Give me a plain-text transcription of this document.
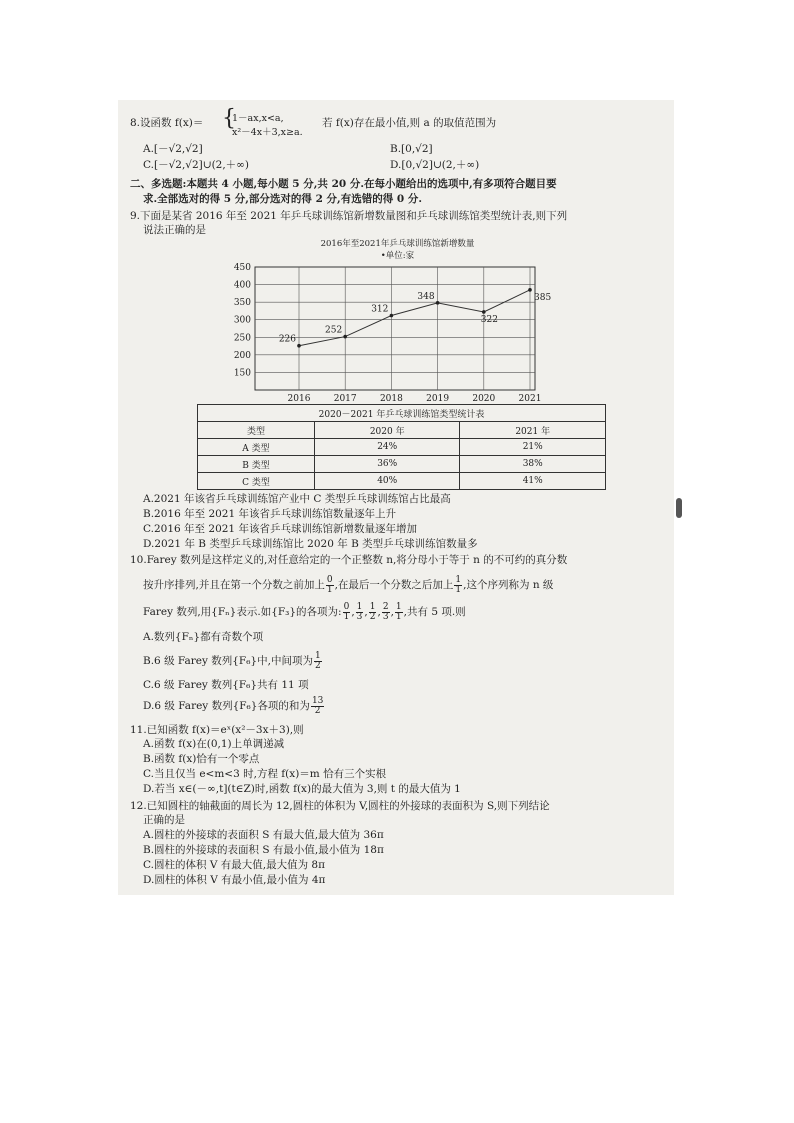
8.设函数 f(x)＝ {
1－ax,x<a,
x²－4x＋3,x≥a.
若 f(x)存在最小值,则 a 的取值范围为
A.[－√2,√2]	B.[0,√2]
C.[－√2,√2]∪(2,＋∞)	D.[0,√2]∪(2,＋∞)
二、多选题:本题共 4 小题,每小题 5 分,共 20 分.在每小题给出的选项中,有多项符合题目要
求.全部选对的得 5 分,部分选对的得 2 分,有选错的得 0 分.
9.下面是某省 2016 年至 2021 年乒乓球训练馆新增数量图和乒乓球训练馆类型统计表,则下列
说法正确的是
2016年至2021年乒乓球训练馆新增数量
•单位:家
150
200
250
300
350
400
450
2016	2017	2018	2019	2020	2021
226
252
312
348
322
385
2020－2021 年乒乓球训练馆类型统计表		
类型	2020 年	2021 年
A 类型	24%	21%
B 类型	36%	38%
C 类型	40%	41%
A.2021 年该省乒乓球训练馆产业中 C 类型乒乓球训练馆占比最高
B.2016 年至 2021 年该省乒乓球训练馆数量逐年上升
C.2016 年至 2021 年该省乒乓球训练馆新增数量逐年增加
D.2021 年 B 类型乒乓球训练馆比 2020 年 B 类型乒乓球训练馆数量多
10.Farey 数列是这样定义的,对任意给定的一个正整数 n,将分母小于等于 n 的不可约的真分数
按升序排列,并且在第一个分数之前加上 $\frac{0}{1}$ ,在最后一个分数之后加上 $\frac{1}{1}$ ,这个序列称为 n 级
Farey 数列,用{Fₙ}表示.如{F₃}的各项为: $\frac{0}{1}$ , $\frac{1}{3}$ , $\frac{1}{2}$ , $\frac{2}{3}$ , $\frac{1}{1}$ ,共有 5 项.则
A.数列{Fₙ}都有奇数个项
B.6 级 Farey 数列{F₆}中,中间项为 $\frac{1}{2}$
C.6 级 Farey 数列{F₆}共有 11 项
D.6 级 Farey 数列{F₆}各项的和为 $\frac{13}{2}$
11.已知函数 f(x)＝eˣ(x²－3x＋3),则
A.函数 f(x)在(0,1)上单调递减
B.函数 f(x)恰有一个零点
C.当且仅当 e<m<3 时,方程 f(x)＝m 恰有三个实根
D.若当 x∈(－∞,t](t∈Z)时,函数 f(x)的最大值为 3,则 t 的最大值为 1
12.已知圆柱的轴截面的周长为 12,圆柱的体积为 V,圆柱的外接球的表面积为 S,则下列结论
正确的是
A.圆柱的外接球的表面积 S 有最大值,最大值为 36π
B.圆柱的外接球的表面积 S 有最小值,最小值为 18π
C.圆柱的体积 V 有最大值,最大值为 8π
D.圆柱的体积 V 有最小值,最小值为 4π
